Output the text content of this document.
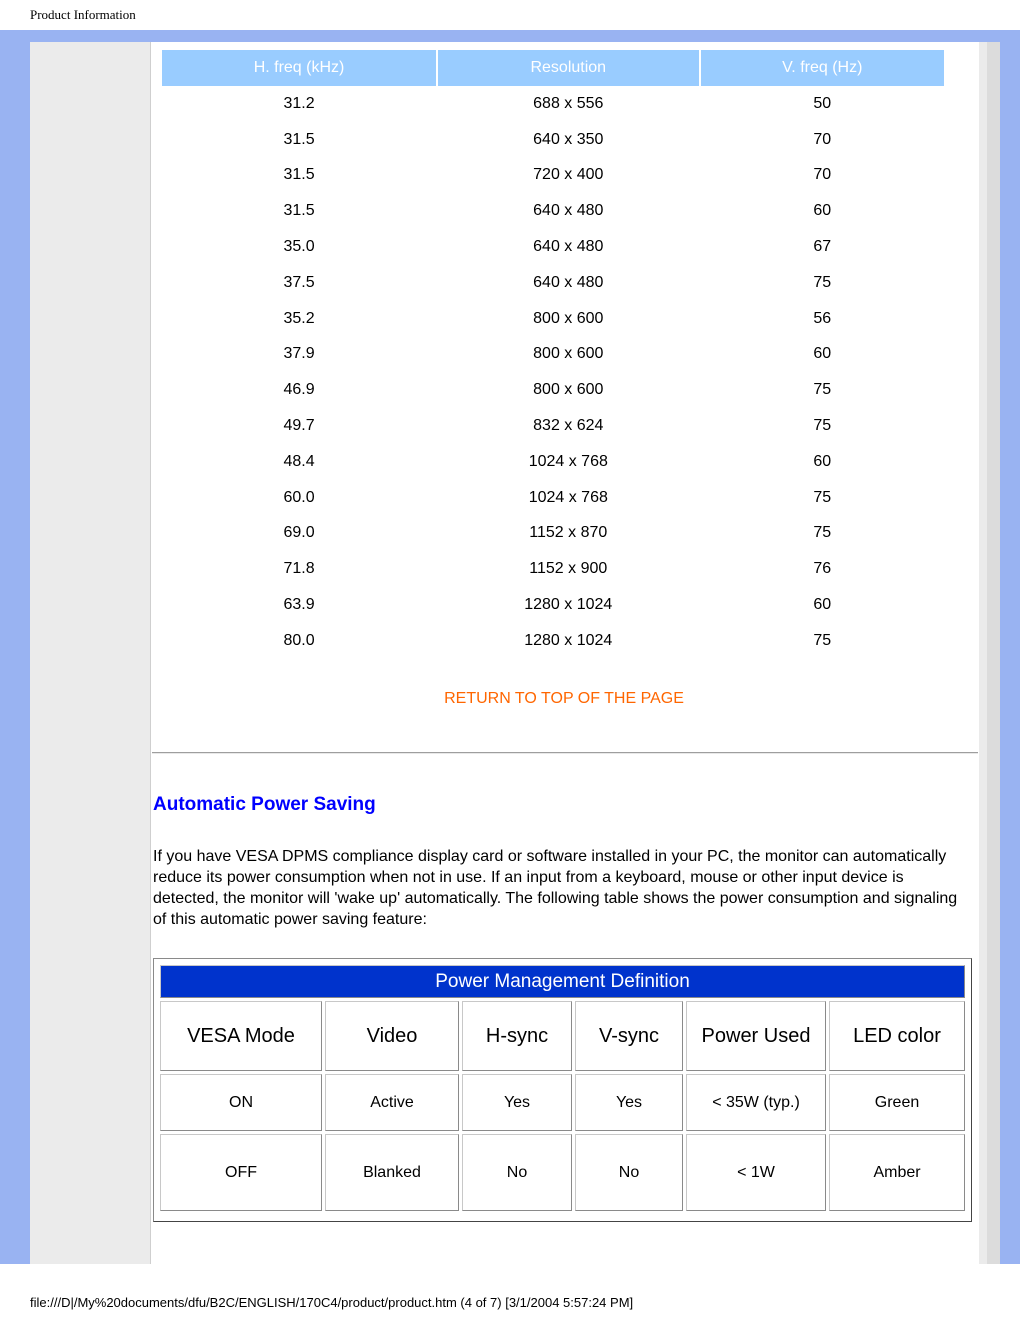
Product Information
H. freq (kHz)	Resolution	V. freq (Hz)
31.2	688 x 556	50
31.5	640 x 350	70
31.5	720 x 400	70
31.5	640 x 480	60
35.0	640 x 480	67
37.5	640 x 480	75
35.2	800 x 600	56
37.9	800 x 600	60
46.9	800 x 600	75
49.7	832 x 624	75
48.4	1024 x 768	60
60.0	1024 x 768	75
69.0	1152 x 870	75
71.8	1152 x 900	76
63.9	1280 x 1024	60
80.0	1280 x 1024	75
RETURN TO TOP OF THE PAGE
Automatic Power Saving
If you have VESA DPMS compliance display card or software installed in your PC, the monitor can automatically reduce its power consumption when not in use. If an input from a keyboard, mouse or other input device is detected, the monitor will 'wake up' automatically. The following table shows the power consumption and signaling of this automatic power saving feature:
Power Management Definition					
VESA Mode	Video	H-sync	V-sync	Power Used	LED color
ON	Active	Yes	Yes	< 35W (typ.)	Green
OFF	Blanked	No	No	< 1W	Amber
file:///D|/My%20documents/dfu/B2C/ENGLISH/170C4/product/product.htm (4 of 7) [3/1/2004 5:57:24 PM]
